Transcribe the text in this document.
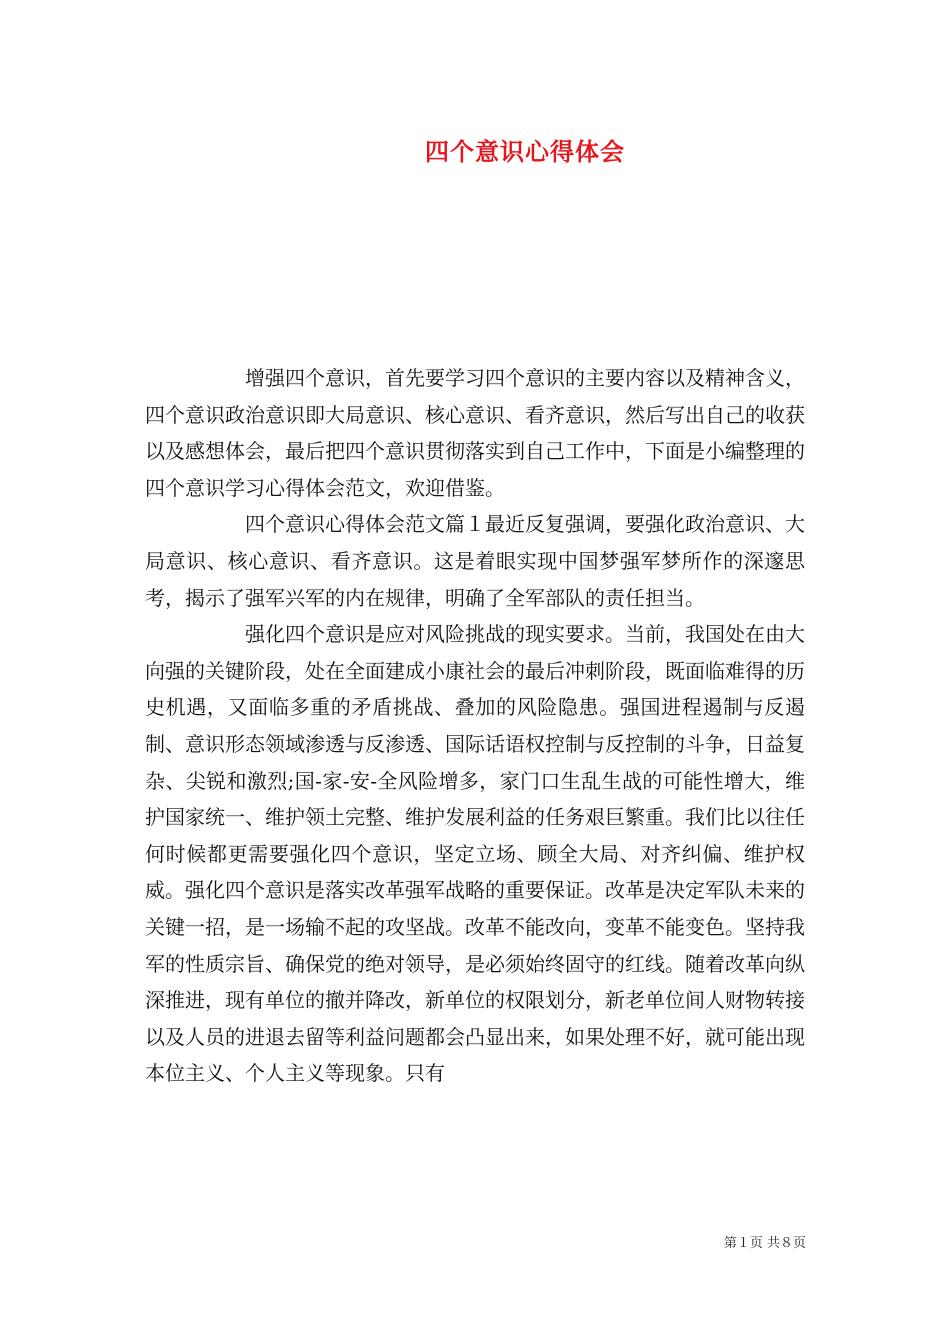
四个意识心得体会

增强四个意识，首先要学习四个意识的主要内容以及精神含义，四个意识政治意识即大局意识、核心意识、看齐意识，然后写出自己的收获以及感想体会，最后把四个意识贯彻落实到自己工作中，下面是小编整理的四个意识学习心得体会范文，欢迎借鉴。

四个意识心得体会范文篇１最近反复强调，要强化政治意识、大局意识、核心意识、看齐意识。这是着眼实现中国梦强军梦所作的深邃思考，揭示了强军兴军的内在规律，明确了全军部队的责任担当。

强化四个意识是应对风险挑战的现实要求。当前，我国处在由大向强的关键阶段，处在全面建成小康社会的最后冲刺阶段，既面临难得的历史机遇，又面临多重的矛盾挑战、叠加的风险隐患。强国进程遏制与反遏制、意识形态领域渗透与反渗透、国际话语权控制与反控制的斗争，日益复杂、尖锐和激烈;国-家-安-全风险增多，家门口生乱生战的可能性增大，维护国家统一、维护领土完整、维护发展利益的任务艰巨繁重。我们比以往任何时候都更需要强化四个意识，坚定立场、顾全大局、对齐纠偏、维护权威。强化四个意识是落实改革强军战略的重要保证。改革是决定军队未来的关键一招，是一场输不起的攻坚战。改革不能改向，变革不能变色。坚持我军的性质宗旨、确保党的绝对领导，是必须始终固守的红线。随着改革向纵深推进，现有单位的撤并降改，新单位的权限划分，新老单位间人财物转接以及人员的进退去留等利益问题都会凸显出来，如果处理不好，就可能出现本位主义、个人主义等现象。只有

第１页 共８页
